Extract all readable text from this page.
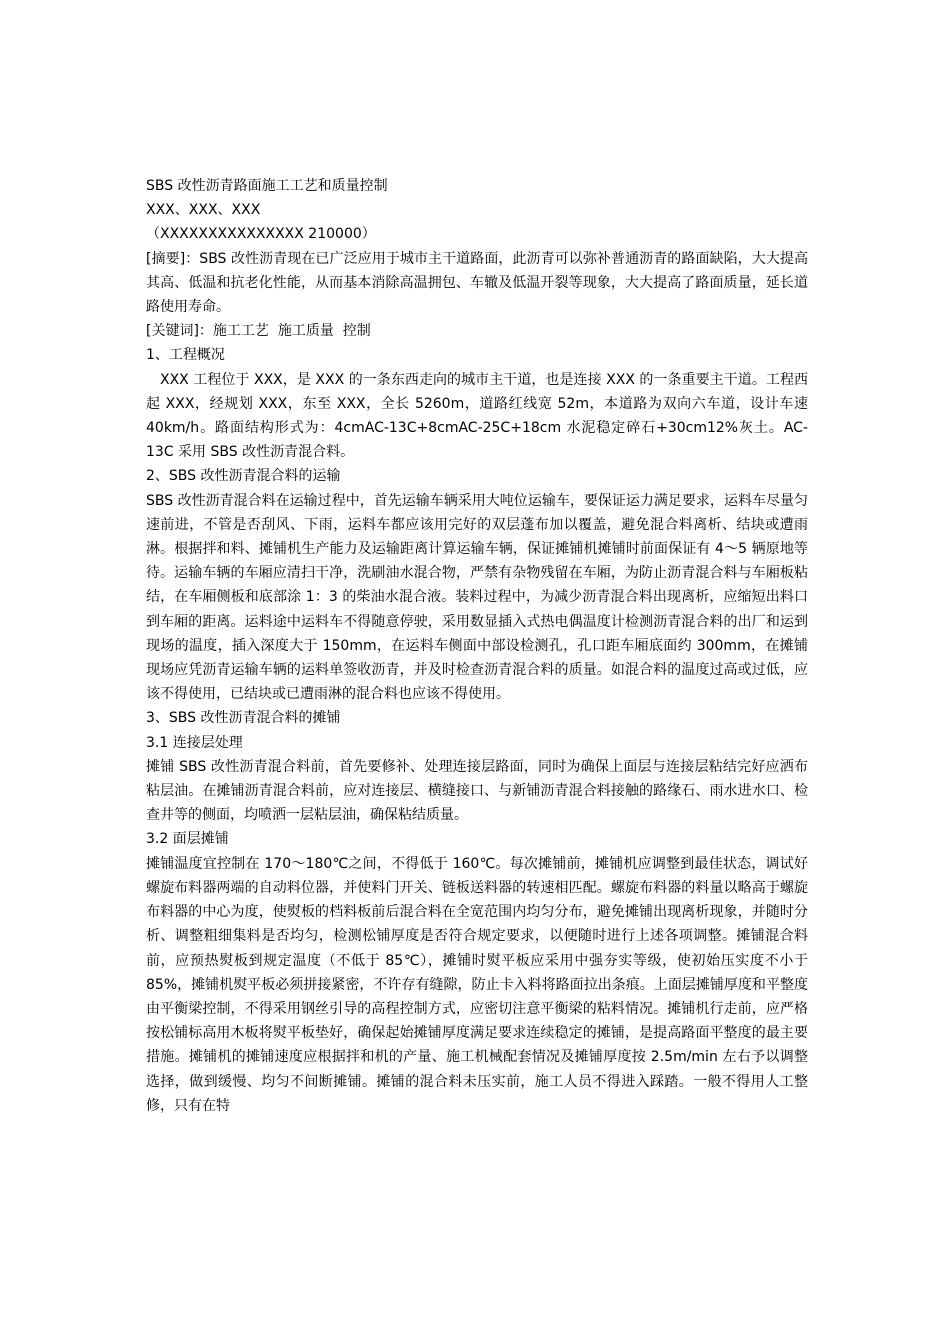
SBS 改性沥青路面施工工艺和质量控制

XXX、XXX、XXX

（XXXXXXXXXXXXXXX 210000）

[摘要]：SBS 改性沥青现在已广泛应用于城市主干道路面，此沥青可以弥补普通沥青的路面缺陷，大大提高其高、低温和抗老化性能，从而基本消除高温拥包、车辙及低温开裂等现象，大大提高了路面质量，延长道路使用寿命。

[关键词]：施工工艺  施工质量  控制

1、工程概况

XXX 工程位于 XXX，是 XXX 的一条东西走向的城市主干道，也是连接 XXX 的一条重要主干道。工程西起 XXX，经规划 XXX，东至 XXX，全长 5260m，道路红线宽 52m，本道路为双向六车道，设计车速 40km/h。路面结构形式为：4cmAC-13C+8cmAC-25C+18cm 水泥稳定碎石+30cm12%灰土。AC-13C 采用 SBS 改性沥青混合料。

2、SBS 改性沥青混合料的运输

SBS 改性沥青混合料在运输过程中，首先运输车辆采用大吨位运输车，要保证运力满足要求，运料车尽量匀速前进，不管是否刮风、下雨，运料车都应该用完好的双层蓬布加以覆盖，避免混合料离析、结块或遭雨淋。根据拌和料、摊铺机生产能力及运输距离计算运输车辆，保证摊铺机摊铺时前面保证有 4～5 辆原地等待。运输车辆的车厢应清扫干净，洗刷油水混合物，严禁有杂物残留在车厢，为防止沥青混合料与车厢板粘结，在车厢侧板和底部涂 1：3 的柴油水混合液。装料过程中，为减少沥青混合料出现离析，应缩短出料口到车厢的距离。运料途中运料车不得随意停驶，采用数显插入式热电偶温度计检测沥青混合料的出厂和运到现场的温度，插入深度大于 150mm，在运料车侧面中部设检测孔，孔口距车厢底面约 300mm，在摊铺现场应凭沥青运输车辆的运料单签收沥青，并及时检查沥青混合料的质量。如混合料的温度过高或过低，应该不得使用，已结块或已遭雨淋的混合料也应该不得使用。

3、SBS 改性沥青混合料的摊铺

3.1 连接层处理

摊铺 SBS 改性沥青混合料前，首先要修补、处理连接层路面，同时为确保上面层与连接层粘结完好应洒布粘层油。在摊铺沥青混合料前，应对连接层、横缝接口、与新铺沥青混合料接触的路缘石、雨水进水口、检查井等的侧面，均喷洒一层粘层油，确保粘结质量。

3.2 面层摊铺

摊铺温度宜控制在 170～180℃之间，不得低于 160℃。每次摊铺前，摊铺机应调整到最佳状态，调试好螺旋布料器两端的自动料位器，并使料门开关、链板送料器的转速相匹配。螺旋布料器的料量以略高于螺旋布料器的中心为度，使熨板的档料板前后混合料在全宽范围内均匀分布，避免摊铺出现离析现象，并随时分析、调整粗细集料是否均匀，检测松铺厚度是否符合规定要求，以便随时进行上述各项调整。摊铺混合料前，应预热熨板到规定温度（不低于 85℃），摊铺时熨平板应采用中强夯实等级，使初始压实度不小于 85%，摊铺机熨平板必须拼接紧密，不许存有缝隙，防止卡入料将路面拉出条痕。上面层摊铺厚度和平整度由平衡梁控制，不得采用钢丝引导的高程控制方式，应密切注意平衡梁的粘料情况。摊铺机行走前，应严格按松铺标高用木板将熨平板垫好，确保起始摊铺厚度满足要求连续稳定的摊铺，是提高路面平整度的最主要措施。摊铺机的摊铺速度应根据拌和机的产量、施工机械配套情况及摊铺厚度按 2.5m/min 左右予以调整选择，做到缓慢、均匀不间断摊铺。摊铺的混合料未压实前，施工人员不得进入踩踏。一般不得用人工整修，只有在特
